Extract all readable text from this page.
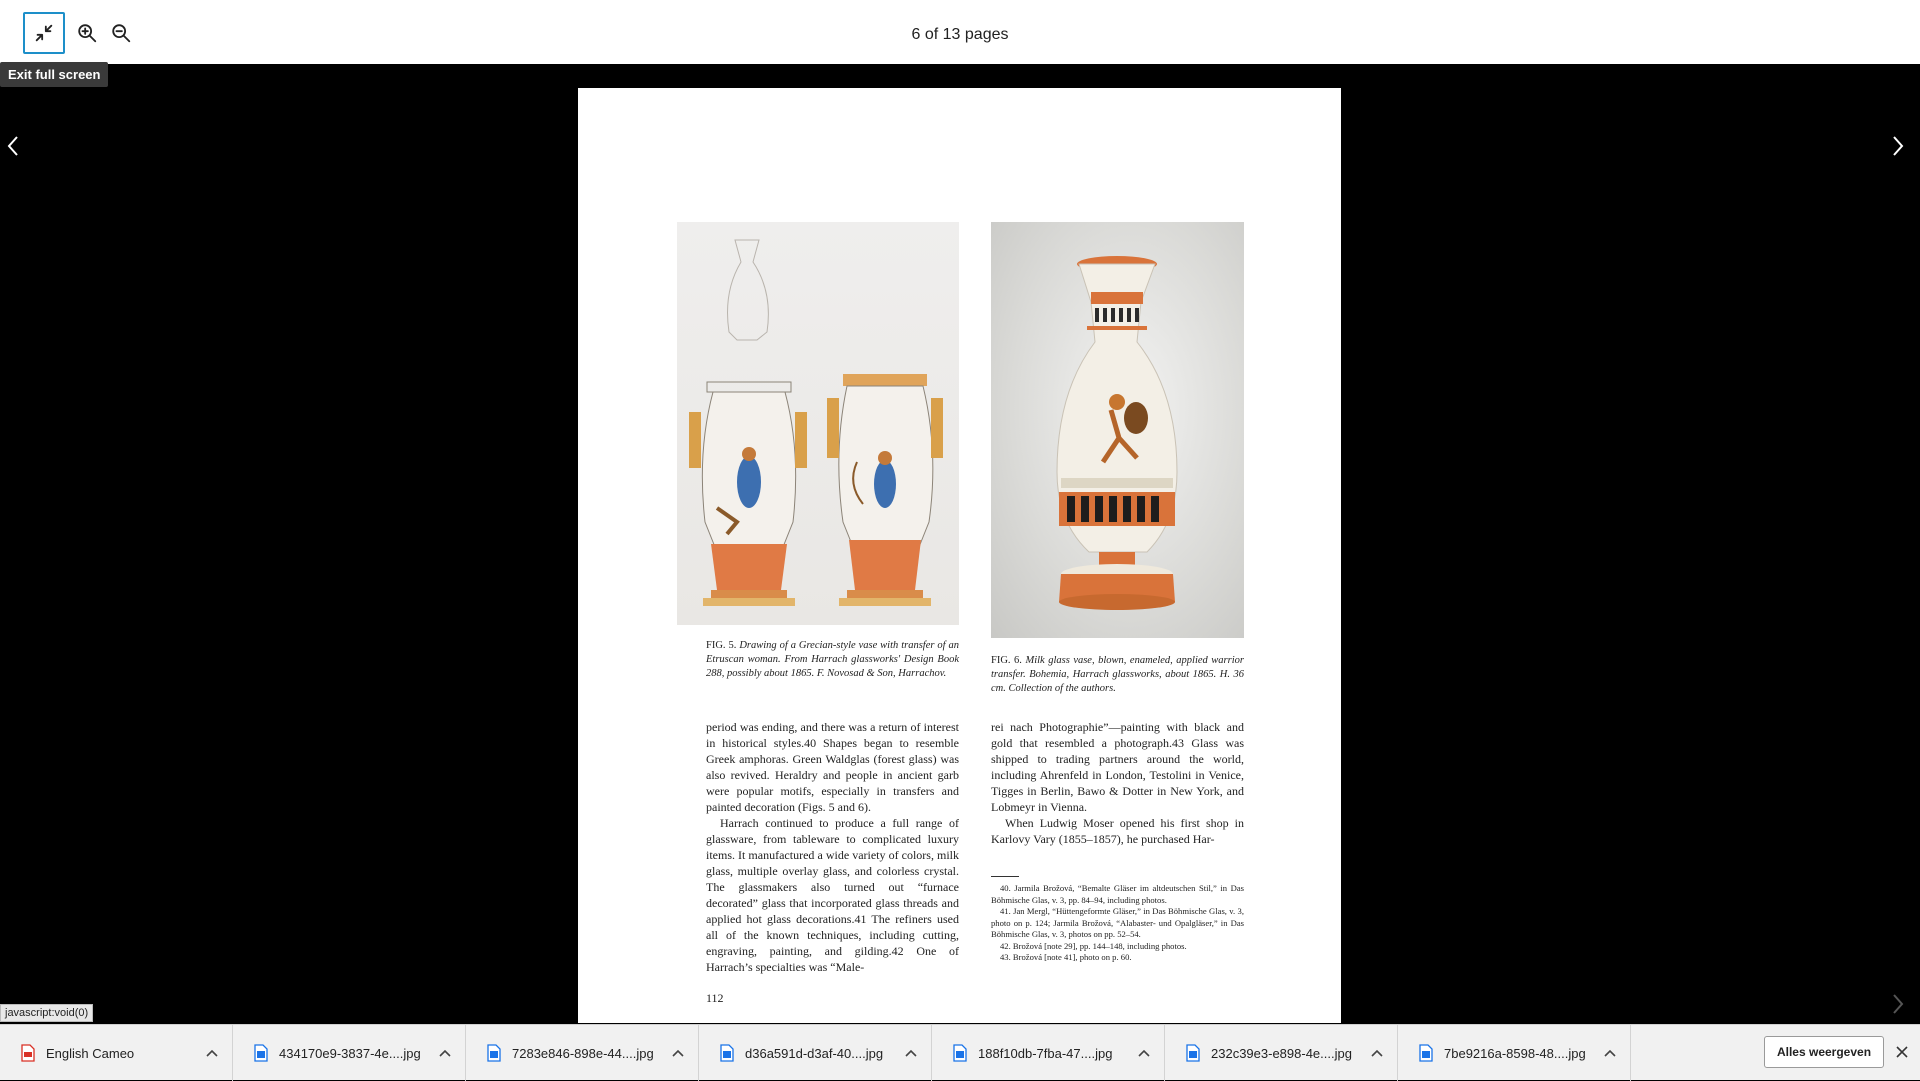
6 of 13 pages
Exit full screen
FIG. 5. Drawing of a Grecian-style vase with transfer of an Etruscan woman. From Harrach glassworks' Design Book 288, possibly about 1865. F. Novosad & Son, Harrachov.
FIG. 6. Milk glass vase, blown, enameled, applied warrior transfer. Bohemia, Harrach glassworks, about 1865. H. 36 cm. Collection of the authors.

period was ending, and there was a return of interest in historical styles.40 Shapes began to resemble Greek amphoras. Green Waldglas (forest glass) was also revived. Heraldry and people in ancient garb were popular motifs, especially in transfers and painted decoration (Figs. 5 and 6).

Harrach continued to produce a full range of glassware, from tableware to complicated luxury items. It manufactured a wide variety of colors, milk glass, multiple overlay glass, and colorless crystal. The glassmakers also turned out “furnace decorated” glass that incorporated glass threads and applied hot glass decorations.41 The refiners used all of the known techniques, including cutting, engraving, painting, and gilding.42 One of Harrach’s specialties was “Male-

rei nach Photographie”—painting with black and gold that resembled a photograph.43 Glass was shipped to trading partners around the world, including Ahrenfeld in London, Testolini in Venice, Tigges in Berlin, Bawo & Dotter in New York, and Lobmeyr in Vienna.

When Ludwig Moser opened his first shop in Karlovy Vary (1855–1857), he purchased Har-

40. Jarmila Brožová, “Bemalte Gläser im altdeutschen Stil,” in Das Böhmische Glas, v. 3, pp. 84–94, including photos.
41. Jan Mergl, “Hüttengeformte Gläser,” in Das Böhmische Glas, v. 3, photo on p. 124; Jarmila Brožová, “Alabaster- und Opalgläser,” in Das Böhmische Glas, v. 3, photos on pp. 52–54.
42. Brožová [note 29], pp. 144–148, including photos.
43. Brožová [note 41], photo on p. 60.
112
javascript:void(0)
English Cameo	434170e9-3837-4e....jpg	7283e846-898e-44....jpg	d36a591d-d3af-40....jpg	188f10db-7fba-47....jpg	232c39e3-e898-4e....jpg	7be9216a-8598-48....jpg	Alles weergeven
